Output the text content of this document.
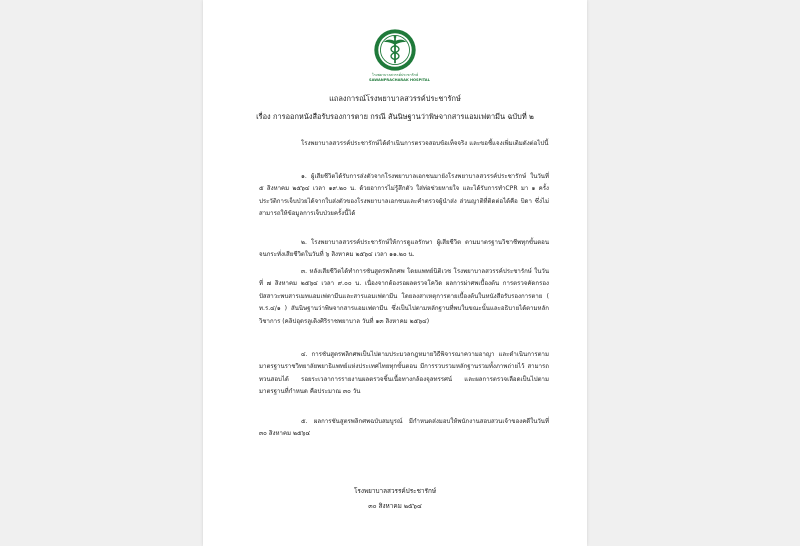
โรงพยาบาลสวรรค์ประชารักษ์
SAWANPRACHARAK HOSPITAL
แถลงการณ์โรงพยาบาลสวรรค์ประชารักษ์
เรื่อง การออกหนังสือรับรองการตาย กรณี สันนิษฐานว่าพิษจากสารแอมเฟตามีน ฉบับที่ ๒
โรงพยาบาลสวรรค์ประชารักษ์ได้ดำเนินการตรวจสอบข้อเท็จจริง และขอชี้แจงเพิ่มเติมดังต่อไปนี้
๑. ผู้เสียชีวิตได้รับการส่งตัวจากโรงพยาบาลเอกชนมายังโรงพยาบาลสวรรค์ประชารักษ์ ในวันที่ ๕ สิงหาคม ๒๕๖๔ เวลา ๑๙.๒๐ น. ด้วยอาการไม่รู้สึกตัว ใส่ท่อช่วยหายใจ และได้รับการทำCPR มา ๑ ครั้ง ประวัติการเจ็บป่วยได้จากใบส่งตัวของโรงพยาบาลเอกชนและคำตรวจผู้นำส่ง ส่วนญาติที่ติดต่อได้คือ บิดา ซึ่งไม่สามารถให้ข้อมูลการเจ็บป่วยครั้งนี้ได้
๒. โรงพยาบาลสวรรค์ประชารักษ์ให้การดูแลรักษา ผู้เสียชีวิต ตามมาตรฐานวิชาชีพทุกขั้นตอน จนกระทั่งเสียชีวิตในวันที่ ๖ สิงหาคม ๒๕๖๔ เวลา ๑๑.๒๐ น.
๓. หลังเสียชีวิตได้ทำการชันสูตรพลิกศพ โดยแพทย์นิติเวช โรงพยาบาลสวรรค์ประชารักษ์ ในวันที่ ๗ สิงหาคม ๒๕๖๔ เวลา ๙.๐๐ น. เนื่องจากต้องรอผลตรวจโควิด ผลการผ่าศพเบื้องต้น การตรวจคัดกรองปัสสาวะพบสารเมทแอมเฟตามีนและสารแอมเฟตามีน โดยลงสาเหตุการตายเบื้องต้นในหนังสือรับรองการตาย ( ท.ร.๔/๑ ) สันนิษฐานว่าพิษจากสารแอมเฟตามีน ซึ่งเป็นไปตามหลักฐานที่พบในขณะนั้นและอธิบายได้ตามหลักวิชาการ (คลิปอุดรลูเดิงศิริราชพยาบาล วันที่ ๑๓ สิงหาคม ๒๕๖๔)
๔. การชันสูตรพลิกศพเป็นไปตามประมวลกฎหมายวิธีพิจารณาความอาญา และดำเนินการตามมาตรฐานราชวิทยาลัยพยาธิแพทย์แห่งประเทศไทยทุกขั้นตอน มีการรวบรวมหลักฐานรวมทั้งภาพถ่ายไว้ สามารถทวนสอบได้ รอยระเวลาการรายงานผลตรวจชิ้นเนื้อทางกล้องจุลทรรศน์ และผลการตรวจเลือดเป็นไปตามมาตรฐานที่กำหนด คือประมาณ ๓๐ วัน
๕. ผลการชันสูตรพลิกศพฉบับสมบูรณ์ มีกำหนดส่งมอบให้พนักงานสอบสวนเจ้าของคดีในวันที่ ๓๐ สิงหาคม ๒๕๖๔
โรงพยาบาลสวรรค์ประชารักษ์
๓๐ สิงหาคม ๒๕๖๔
